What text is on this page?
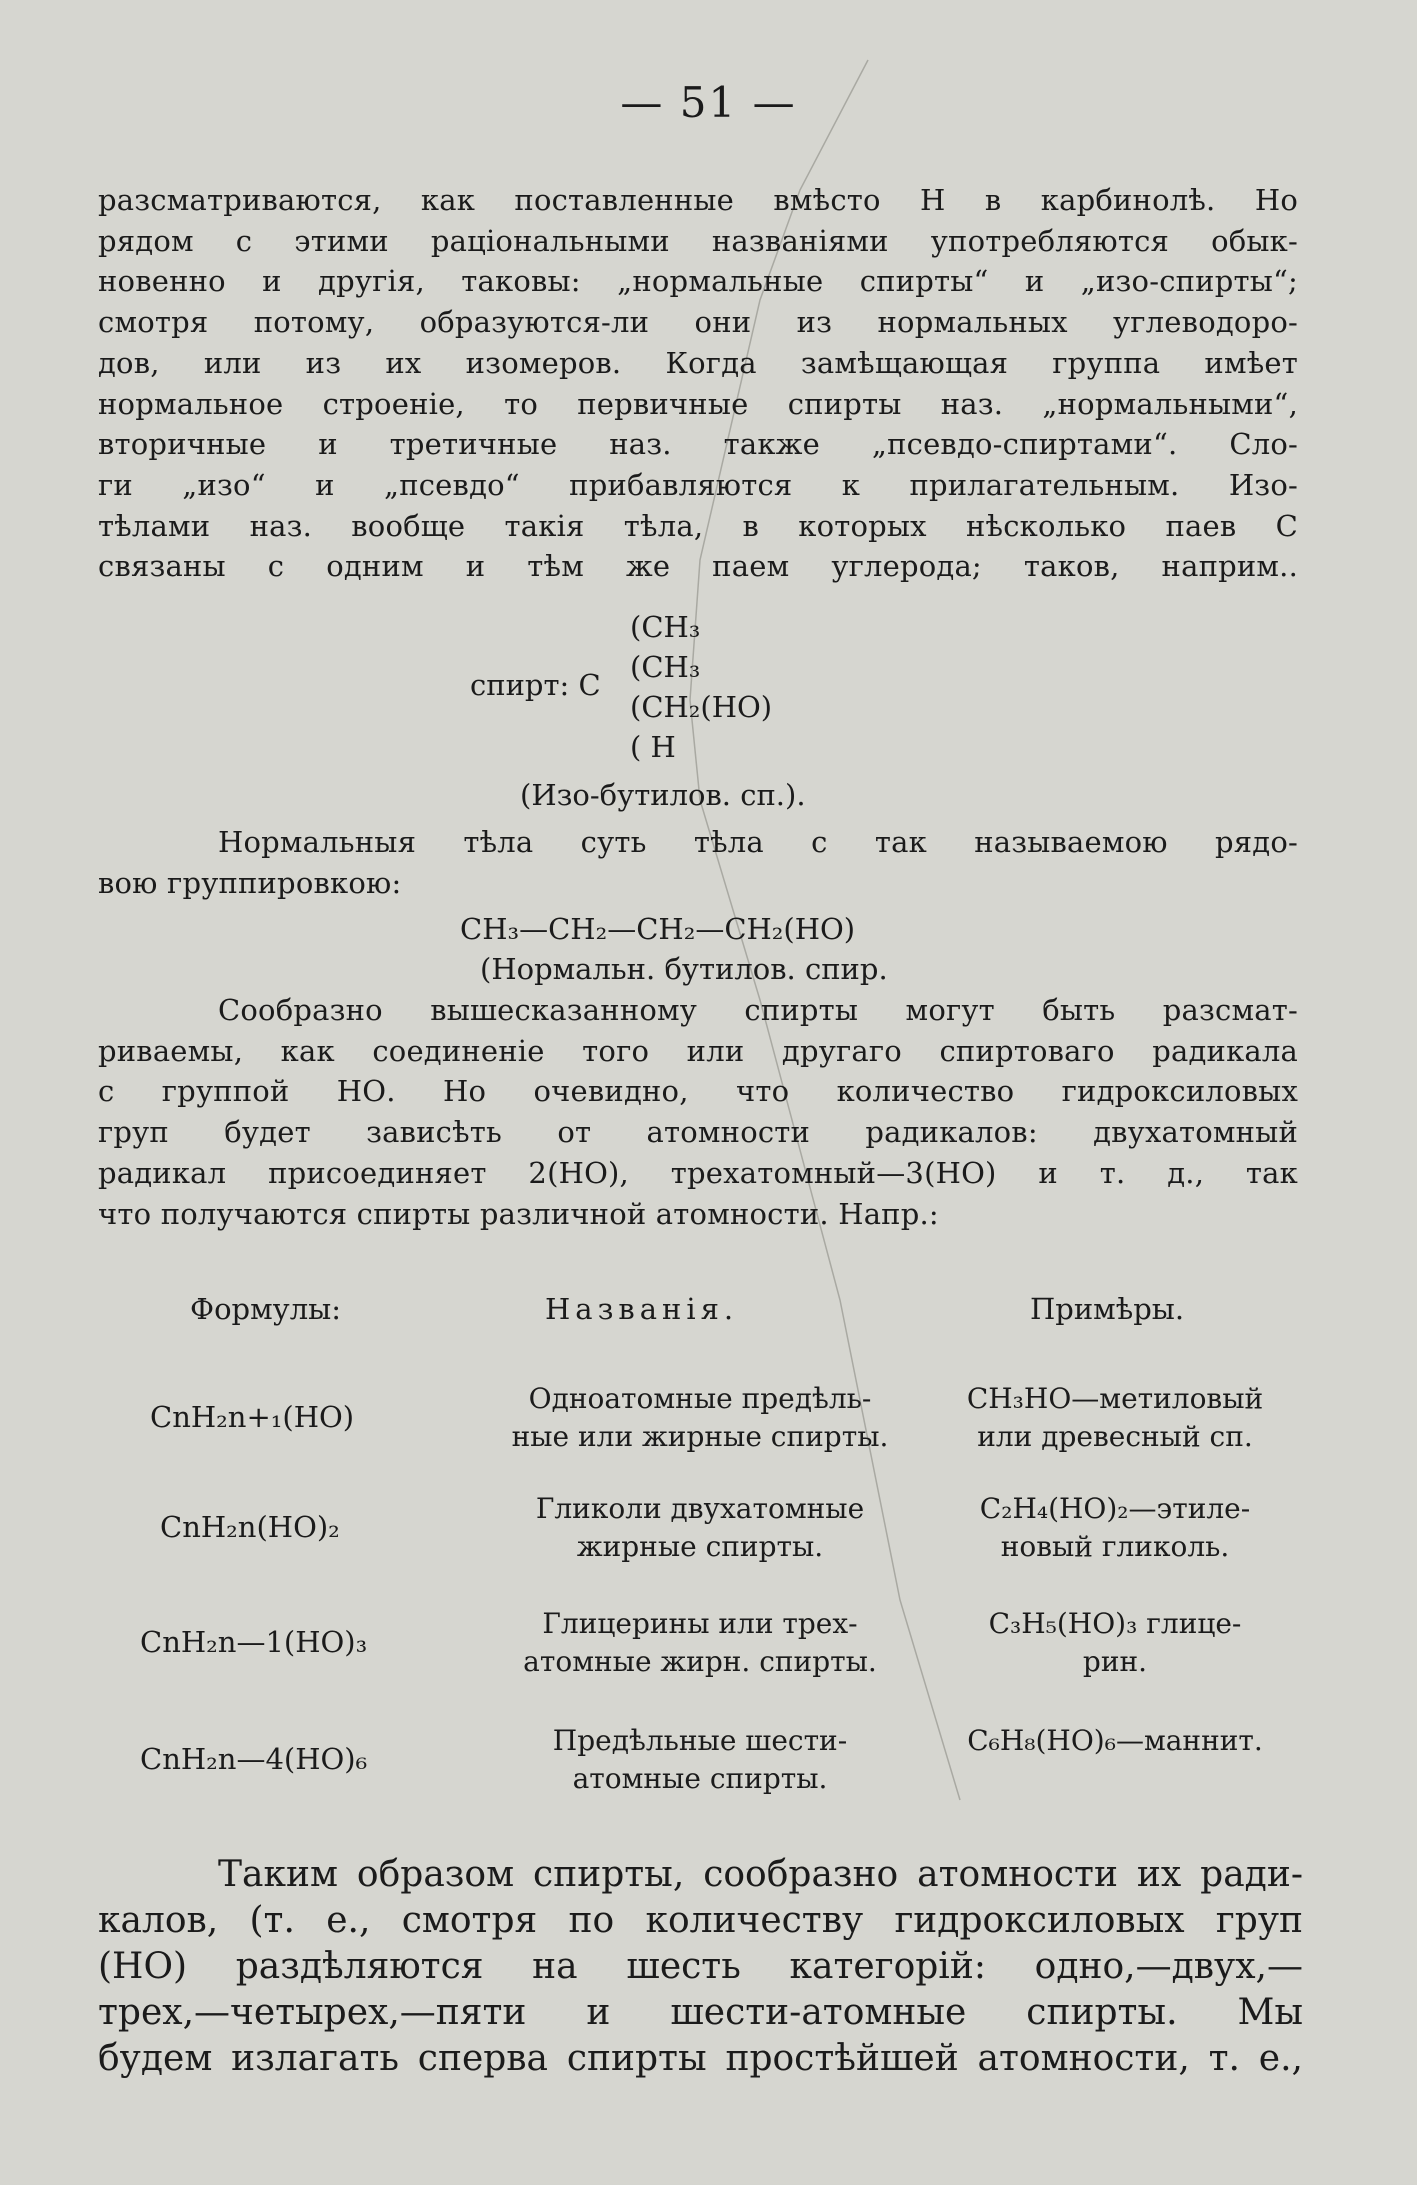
— 51 —
разсматриваются, как поставленные вмѣсто Н в карбинолѣ. Но
рядом с этими раціональными названіями употребляются обык-
новенно и другія, таковы: „нормальные спирты“ и „изо-спирты“;
смотря потому, образуются-ли они из нормальных углеводоро-
дов, или из их изомеров. Когда замѣщающая группа имѣет
нормальное строеніе, то первичные спирты наз. „нормальными“,
вторичные и третичные наз. также „псевдо-спиртами“. Сло-
ги „изо“ и „псевдо“ прибавляются к прилагательным. Изо-
тѣлами наз. вообще такія тѣла, в которых нѣсколько паев С
связаны с одним и тѣм же паем углерода; таков, наприм..
спирт: С
(CH₃
(CH₃
(CH₂(HO)
( H
(Изо-бутилов. сп.).
Нормальныя тѣла суть тѣла с так называемою рядо-
вою группировкою:
CH₃—CH₂—CH₂—CH₂(HO)
(Нормальн. бутилов. спир.
Сообразно вышесказанному спирты могут быть разсмат-
риваемы, как соединеніе того или другаго спиртоваго радикала
с группой НО. Но очевидно, что количество гидроксиловых
груп будет зависѣть от атомности радикалов: двухатомный
радикал присоединяет 2(НО), трехатомный—3(НО) и т. д., так
что получаются спирты различной атомности. Напр.:
Формулы:	Названія.	Примѣры.
CnH₂n+₁(HO)
Одноатомные предѣль-
ные или жирные спирты.
CH₃HO—метиловый
или древесный сп.
CnH₂n(HO)₂
Гликоли двухатомные
жирные спирты.
C₂H₄(HO)₂—этиле-
новый гликоль.
CnH₂n—1(HO)₃
Глицерины или трех-
атомные жирн. спирты.
C₃H₅(HO)₃ глице-
рин.
CnH₂n—4(HO)₆
Предѣльные шести-
атомные спирты.
C₆H₈(HO)₆—маннит.
Таким образом спирты, сообразно атомности их ради-
калов, (т. е., смотря по количеству гидроксиловых груп
(НО) раздѣляются на шесть категорій: одно,—двух,—
трех,—четырех,—пяти и шести-атомные спирты. Мы
будем излагать сперва спирты простѣйшей атомности, т. е.,
